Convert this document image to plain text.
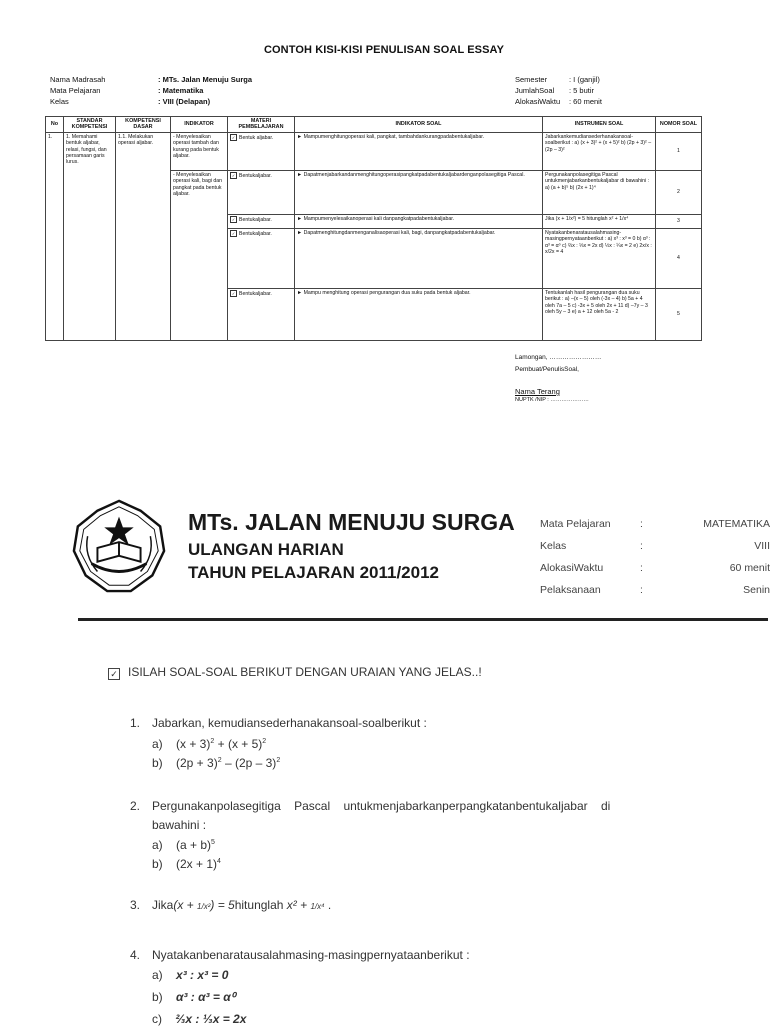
CONTOH KISI-KISI PENULISAN SOAL ESSAY
Nama Madrasah	: MTs. Jalan Menuju Surga
Mata Pelajaran	: Matematika
Kelas	: VIII (Delapan)
Semester	: I (ganjil)
JumlahSoal : 5 butir
AlokasiWaktu : 60 menit
No	STANDAR KOMPETENSI	KOMPETENSI DASAR	INDIKATOR	MATERI PEMBELAJARAN	INDIKATOR SOAL	INSTRUMEN SOAL	NOMOR SOAL
1.	1. Memahami bentuk aljabar, relasi, fungsi, dan persamaan garis lurus.	1.1. Melakukan operasi aljabar.	- Menyelesaikan operasi tambah dan kurang pada bentuk aljabar.	✓ Bentuk aljabar.	► Mampumenghitungoperasi kali, pangkat, tambahdankurangpadabentukaljabar.	Jabarkankemudiansederhanakansoal-soalberikut : a) (x + 3)² + (x + 5)² b) (2p + 3)² – (2p – 3)²	1
			- Menyelesaikan operasi kali, bagi dan pangkat pada bentuk aljabar.	✓ Bentukaljabar.	► Dapatmenjabarkandanmenghitungoperasipangkatpadabentukaljabardenganpolasegitiga Pascal.	Pergunakanpolasegitiga Pascal untukmenjabarkanbentukaljabar di bawahini : a) (a + b)⁵ b) (2x + 1)⁴	2
				✓ Bentukaljabar.	► Mampumenyelesaikanoperasi kali danpangkatpadabentukaljabar.	Jika (x + 1/x²) = 5 hitunglah x² + 1/x⁴	3
				✓ Bentukaljabar.	► Dapatmenghitungdanmenganalisaoperasi kali, bagi, danpangkatpadabentukaljabar.	Nyatakanbenaratausalahmasing-masingpernyataanberikut : a) x³ : x³ = 0 b) α³ : α³ = α⁰ c) ⅔x : ⅓x = 2x d) ½x : ¼x = 2 e) 2x/x : x/2x = 4	4
				✓ Bentukaljabar.	► Mampu menghitung operasi pengurangan dua suku pada bentuk aljabar.	Tentukanlah hasil pengurangan dua suku berikut : a) –(x – 5) oleh (-3x – 4) b) 5a + 4 oleh 7a – 5 c) -3x + 5 oleh 2x + 11 d) –7y – 3 oleh 5y – 3 e) a + 12 oleh 5a - 2	5
Lamongan, ……………………
Pembuat/PenulisSoal,
Nama Terang
NUPTK /NIP : …………………
MTs. JALAN MENUJU SURGA
ULANGAN HARIAN
TAHUN PELAJARAN 2011/2012
Mata Pelajaran	:	MATEMATIKA
Kelas	:	VIII
AlokasiWaktu	:	60 menit
Pelaksanaan	:	Senin
✓ ISILAH SOAL-SOAL BERIKUT DENGAN URAIAN YANG JELAS..!
1. Jabarkan, kemudiansederhanakansoal-soalberikut :
a)    $(x + 3)^2 + (x + 5)^2$
b)    $(2p + 3)^2 - (2p - 3)^2$
2. Pergunakanpolasegitiga    Pascal    untukmenjabarkanperpangkatanbentukaljabar    di
bawahini :
a)    $(a + b)^5$
b)    $(2x + 1)^4$
3. Jika(x + 1/x²) = 5hitunglah x² + 1/x⁴ .
4. Nyatakanbenaratausalahmasing-masingpernyataanberikut :
a) x³ : x³ = 0
b) α³ : α³ = α⁰
c) ⅔x : ⅓x = 2x
